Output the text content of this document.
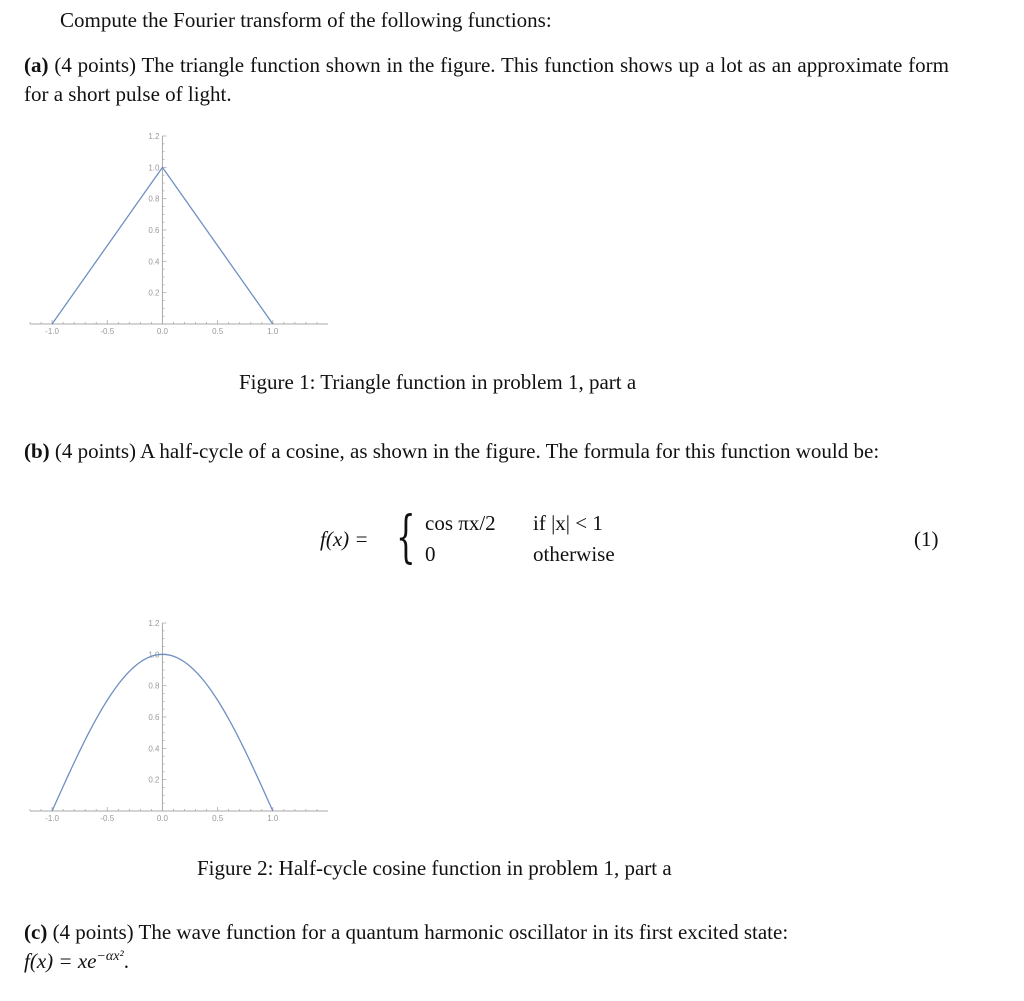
Compute the Fourier transform of the following functions:

(a) (4 points) The triangle function shown in the figure. This function shows up a lot as an approximate form for a short pulse of light.

-1.0	-0.5	0.0	0.5	1.0
0.2
0.4
0.6
0.8
1.0
1.2
Figure 1: Triangle function in problem 1, part a

(b) (4 points) A half-cycle of a cosine, as shown in the figure. The formula for this function would be:

f(x) = { cos πx/2 if |x| < 1
0	otherwise
(1)
-1.0	-0.5	0.0	0.5	1.0
0.2
0.4
0.6
0.8
1.0
1.2
Figure 2: Half-cycle cosine function in problem 1, part a

(c) (4 points) The wave function for a quantum harmonic oscillator in its first excited state:
$f(x) = xe^{-\alpha x^2}$.
